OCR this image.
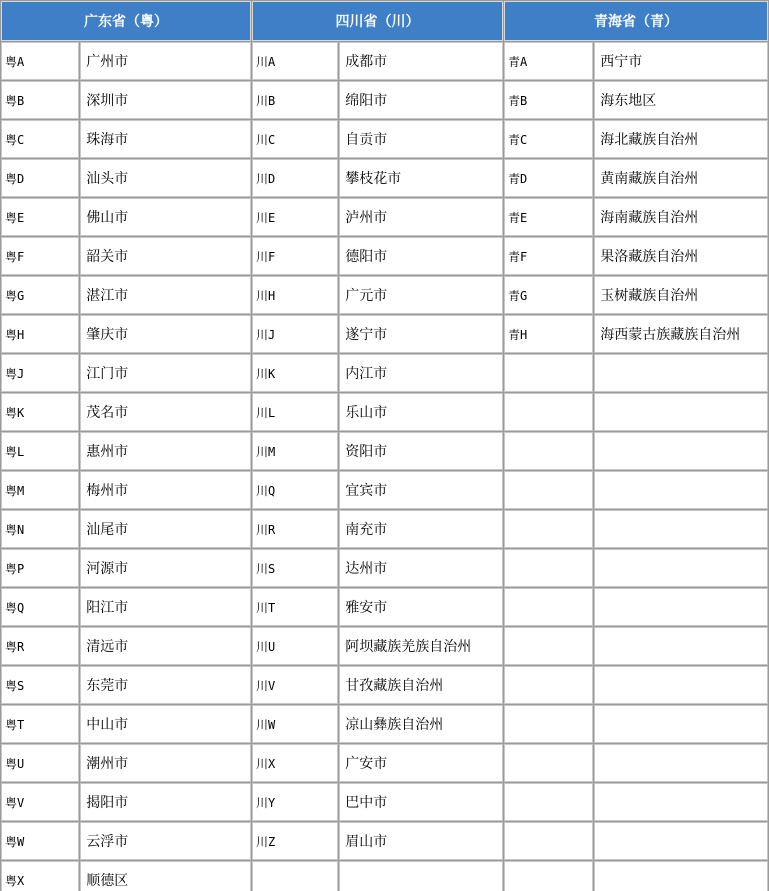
广东省（粤）		四川省（川）		青海省（青）	
粤A	广州市	川A	成都市	青A	西宁市
粤B	深圳市	川B	绵阳市	青B	海东地区
粤C	珠海市	川C	自贡市	青C	海北藏族自治州
粤D	汕头市	川D	攀枝花市	青D	黄南藏族自治州
粤E	佛山市	川E	泸州市	青E	海南藏族自治州
粤F	韶关市	川F	德阳市	青F	果洛藏族自治州
粤G	湛江市	川H	广元市	青G	玉树藏族自治州
粤H	肇庆市	川J	遂宁市	青H	海西蒙古族藏族自治州
粤J	江门市	川K	内江市		
粤K	茂名市	川L	乐山市		
粤L	惠州市	川M	资阳市		
粤M	梅州市	川Q	宜宾市		
粤N	汕尾市	川R	南充市		
粤P	河源市	川S	达州市		
粤Q	阳江市	川T	雅安市		
粤R	清远市	川U	阿坝藏族羌族自治州		
粤S	东莞市	川V	甘孜藏族自治州		
粤T	中山市	川W	凉山彝族自治州		
粤U	潮州市	川X	广安市		
粤V	揭阳市	川Y	巴中市		
粤W	云浮市	川Z	眉山市		
粤X	顺德区				
